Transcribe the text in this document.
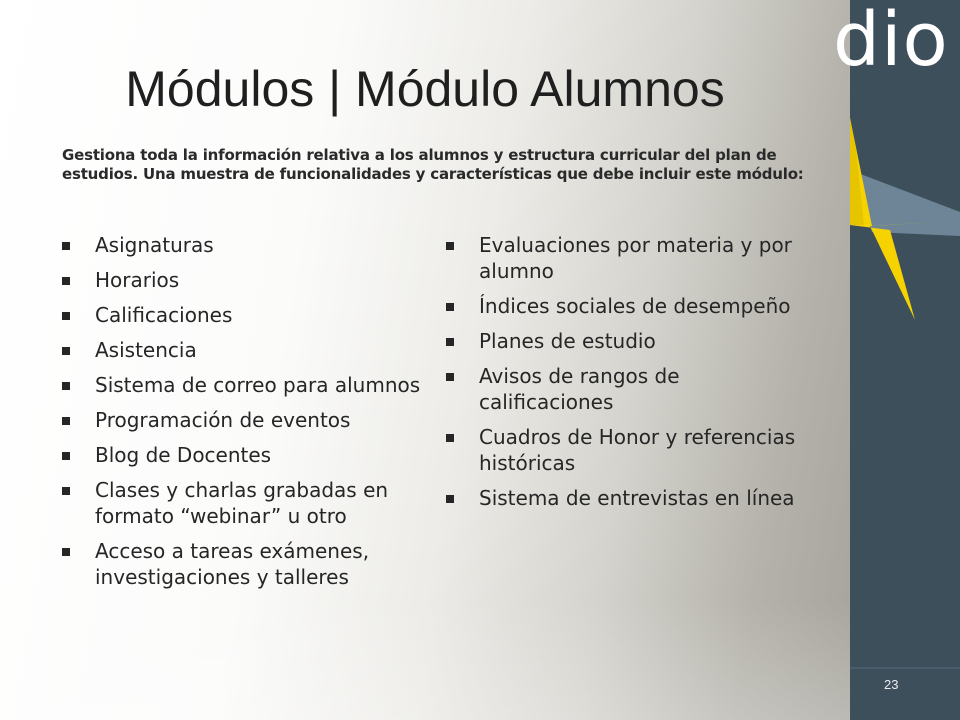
dio
Módulos | Módulo Alumnos
Gestiona toda la información relativa a los alumnos y estructura curricular del plan de estudios. Una muestra de funcionalidades y características que debe incluir este módulo:
Asignaturas
Horarios
Calificaciones
Asistencia
Sistema de correo para alumnos
Programación de eventos
Blog de Docentes
Clases y charlas grabadas en formato “webinar” u otro
Acceso a tareas exámenes, investigaciones y talleres
Evaluaciones por materia y por alumno
Índices sociales de desempeño
Planes de estudio
Avisos de rangos de calificaciones
Cuadros de Honor y referencias históricas
Sistema de entrevistas en línea
23
